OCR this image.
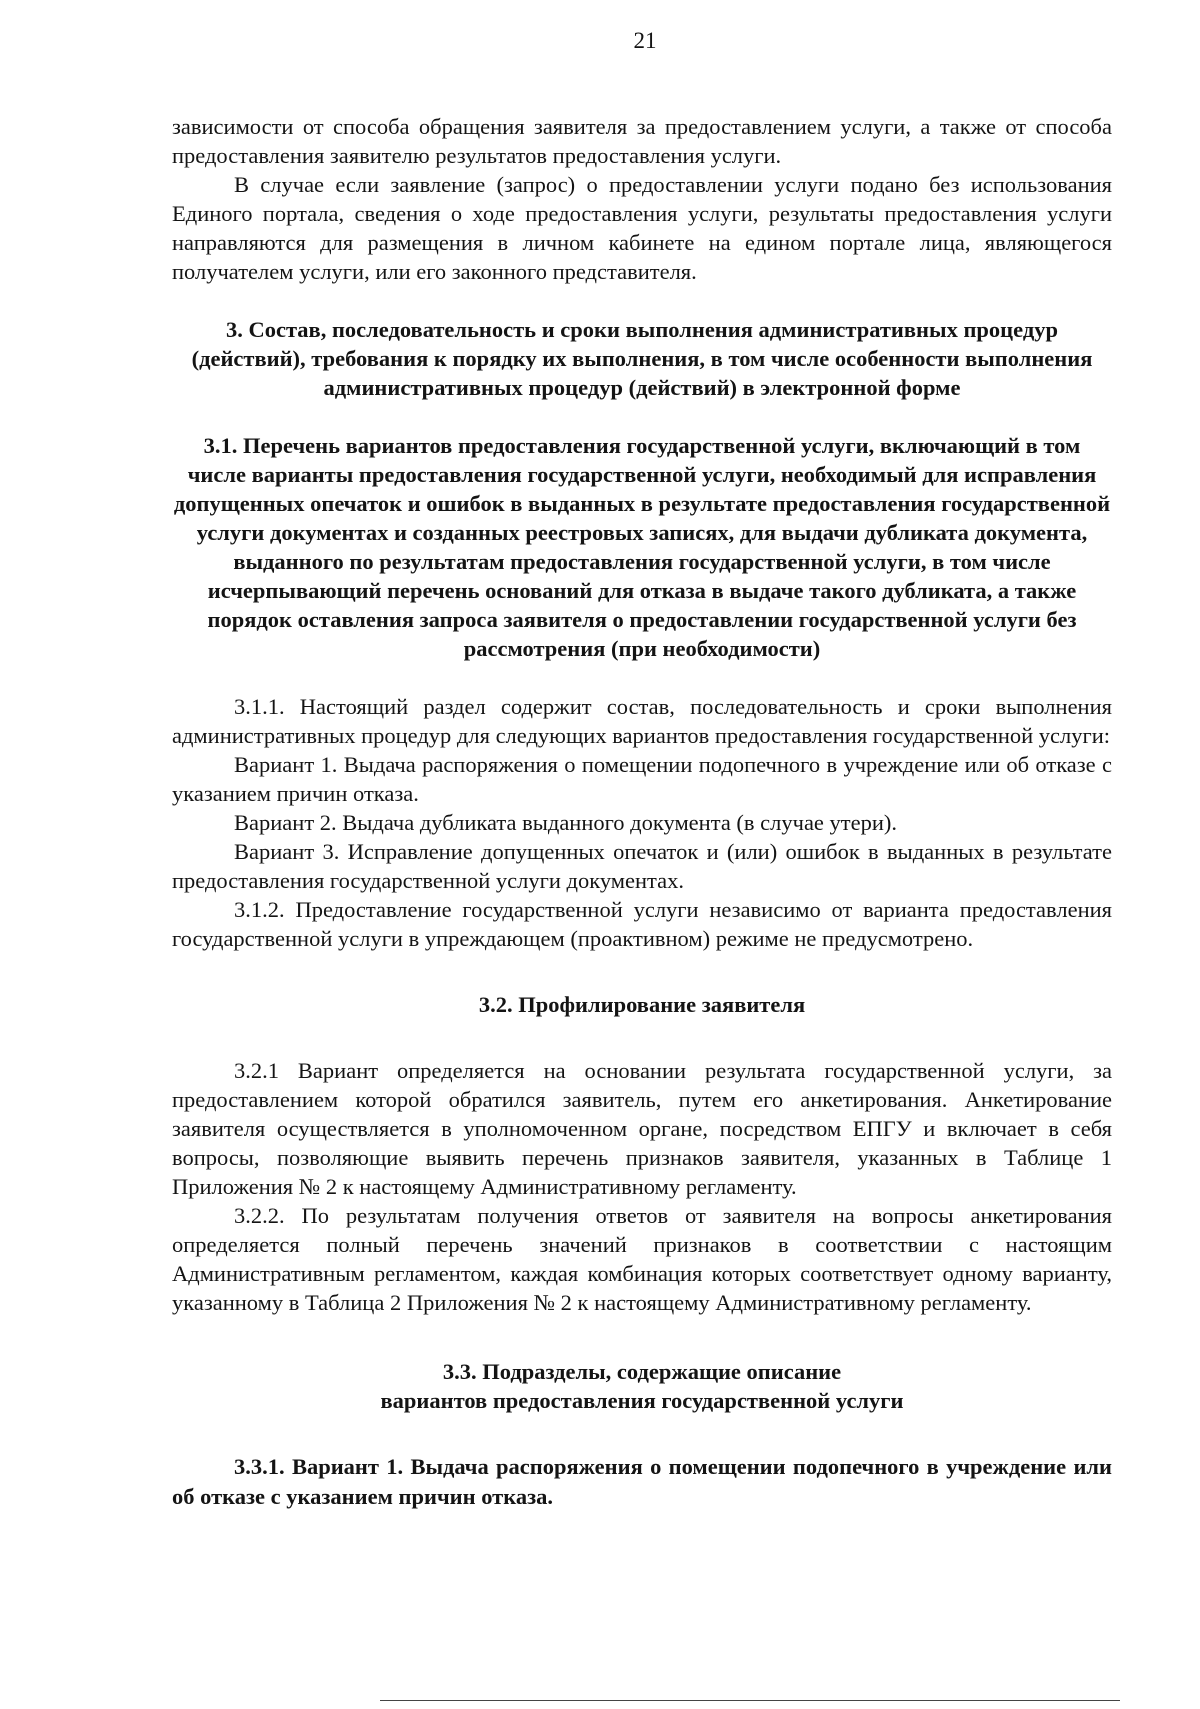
21

зависимости от способа обращения заявителя за предоставлением услуги, а также от способа предоставления заявителю результатов предоставления услуги.

В случае если заявление (запрос) о предоставлении услуги подано без использования Единого портала, сведения о ходе предоставления услуги, результаты предоставления услуги направляются для размещения в личном кабинете на едином портале лица, являющегося получателем услуги, или его законного представителя.

3. Состав, последовательность и сроки выполнения административных процедур (действий), требования к порядку их выполнения, в том числе особенности выполнения административных процедур (действий) в электронной форме

3.1. Перечень вариантов предоставления государственной услуги, включающий в том числе варианты предоставления государственной услуги, необходимый для исправления допущенных опечаток и ошибок в выданных в результате предоставления государственной услуги документах и созданных реестровых записях, для выдачи дубликата документа, выданного по результатам предоставления государственной услуги, в том числе исчерпывающий перечень оснований для отказа в выдаче такого дубликата, а также порядок оставления запроса заявителя о предоставлении государственной услуги без рассмотрения (при необходимости)

3.1.1. Настоящий раздел содержит состав, последовательность и сроки выполнения административных процедур для следующих вариантов предоставления государственной услуги:

Вариант 1. Выдача распоряжения о помещении подопечного в учреждение или об отказе с указанием причин отказа.

Вариант 2. Выдача дубликата выданного документа (в случае утери).

Вариант 3. Исправление допущенных опечаток и (или) ошибок в выданных в результате предоставления государственной услуги документах.

3.1.2. Предоставление государственной услуги независимо от варианта предоставления государственной услуги в упреждающем (проактивном) режиме не предусмотрено.

3.2. Профилирование заявителя

3.2.1 Вариант определяется на основании результата государственной услуги, за предоставлением которой обратился заявитель, путем его анкетирования. Анкетирование заявителя осуществляется в уполномоченном органе, посредством ЕПГУ и включает в себя вопросы, позволяющие выявить перечень признаков заявителя, указанных в Таблице 1 Приложения № 2 к настоящему Административному регламенту.

3.2.2. По результатам получения ответов от заявителя на вопросы анкетирования определяется полный перечень значений признаков в соответствии с настоящим Административным регламентом, каждая комбинация которых соответствует одному варианту, указанному в Таблица 2 Приложения № 2 к настоящему Административному регламенту.

3.3. Подразделы, содержащие описание

вариантов предоставления государственной услуги

3.3.1. Вариант 1. Выдача распоряжения о помещении подопечного в учреждение или об отказе с указанием причин отказа.
